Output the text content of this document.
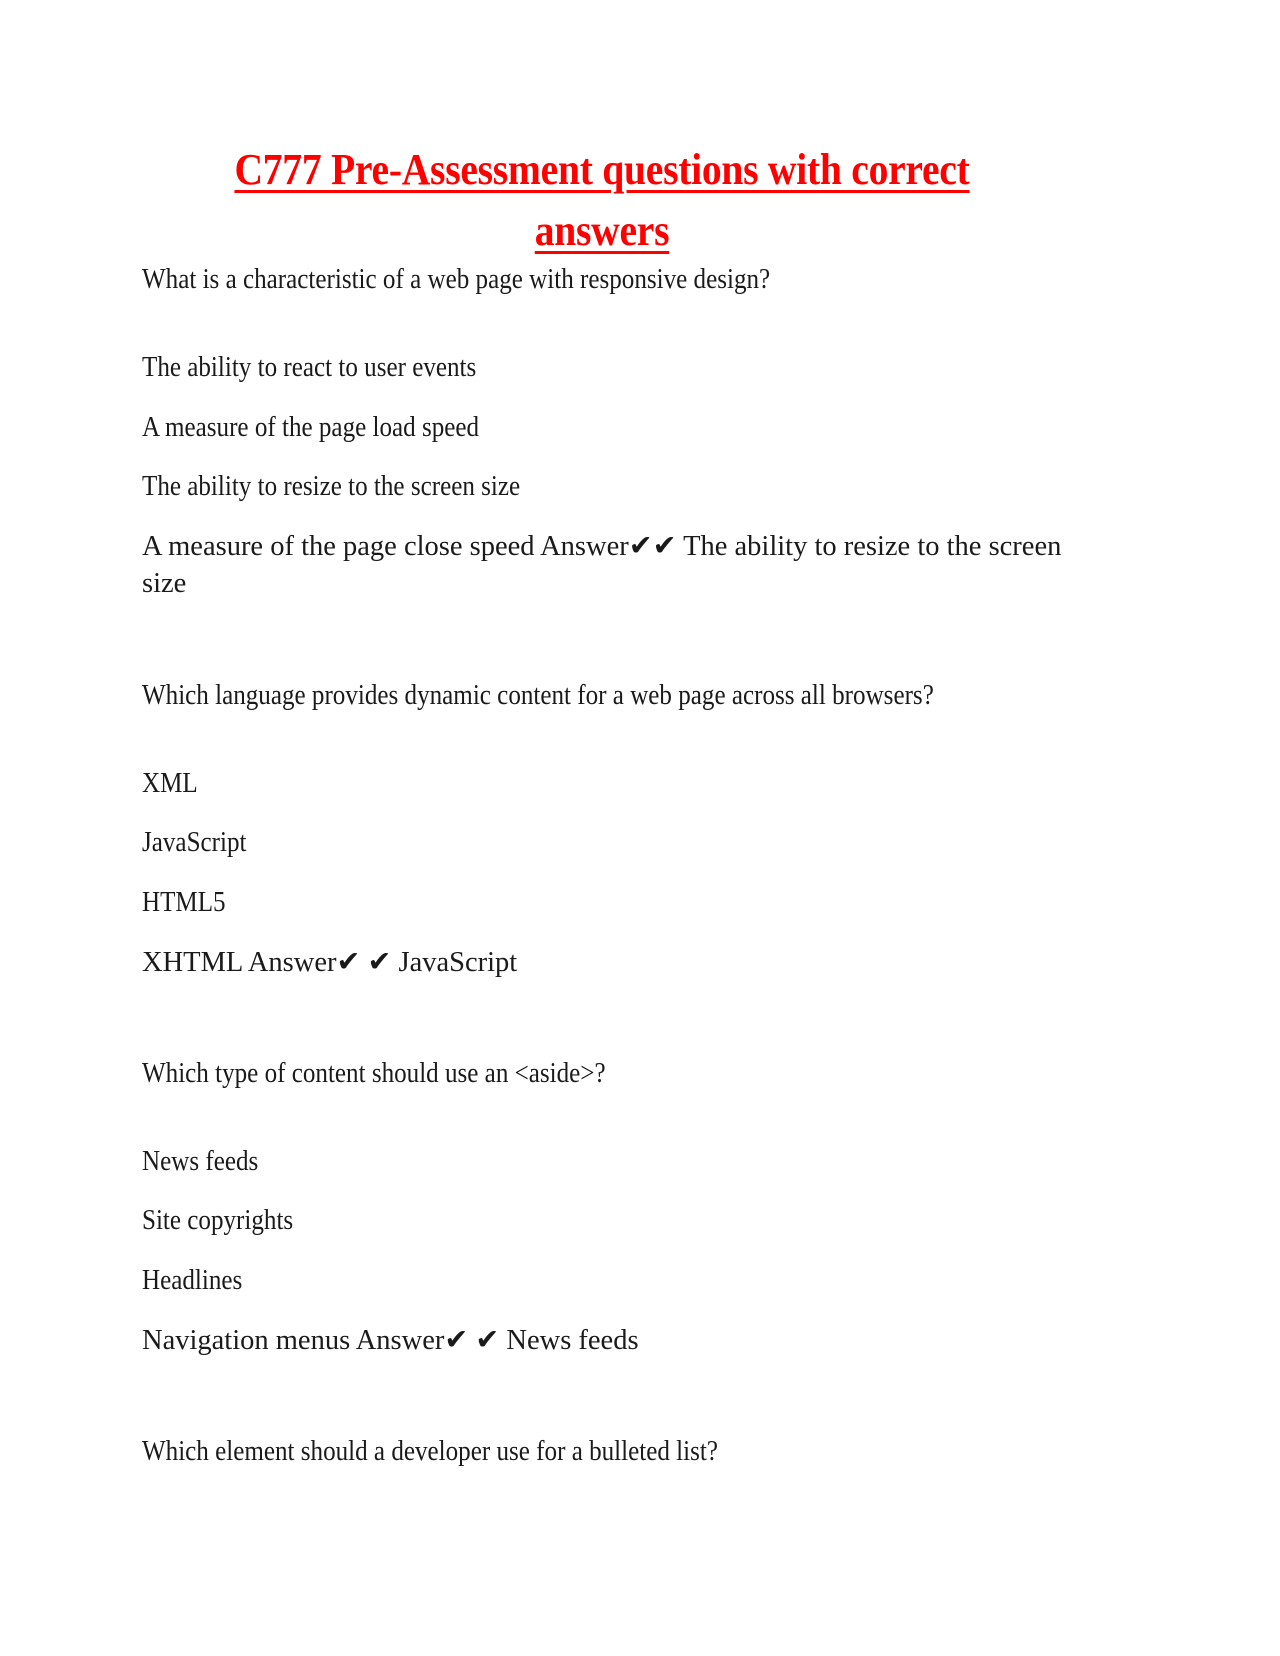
C777 Pre-Assessment questions with correct answers
What is a characteristic of a web page with responsive design?
The ability to react to user events
A measure of the page load speed
The ability to resize to the screen size
A measure of the page close speed Answer✔✔ The ability to resize to the screen size
Which language provides dynamic content for a web page across all browsers?
XML
JavaScript
HTML5
XHTML Answer✔ ✔ JavaScript
Which type of content should use an <aside>?
News feeds
Site copyrights
Headlines
Navigation menus Answer✔ ✔ News feeds
Which element should a developer use for a bulleted list?
